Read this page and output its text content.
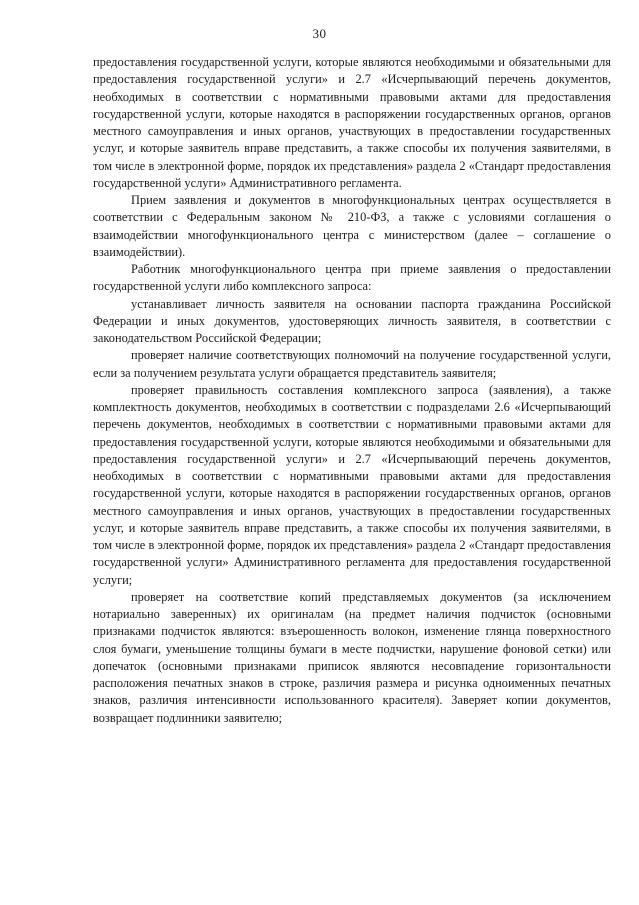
30

предоставления государственной услуги, которые являются необходимыми и обязательными для предоставления государственной услуги» и 2.7 «Исчерпывающий перечень документов, необходимых в соответствии с нормативными правовыми актами для предоставления государственной услуги, которые находятся в распоряжении государственных органов, органов местного самоуправления и иных органов, участвующих в предоставлении государственных услуг, и которые заявитель вправе представить, а также способы их получения заявителями, в том числе в электронной форме, порядок их представления» раздела 2 «Стандарт предоставления государственной услуги» Административного регламента.

Прием заявления и документов в многофункциональных центрах осуществляется в соответствии с Федеральным законом № 210-ФЗ, а также с условиями соглашения о взаимодействии многофункционального центра с министерством (далее – соглашение о взаимодействии).

Работник многофункционального центра при приеме заявления о предоставлении государственной услуги либо комплексного запроса:

устанавливает личность заявителя на основании паспорта гражданина Российской Федерации и иных документов, удостоверяющих личность заявителя, в соответствии с законодательством Российской Федерации;

проверяет наличие соответствующих полномочий на получение государственной услуги, если за получением результата услуги обращается представитель заявителя;

проверяет правильность составления комплексного запроса (заявления), а также комплектность документов, необходимых в соответствии с подразделами 2.6 «Исчерпывающий перечень документов, необходимых в соответствии с нормативными правовыми актами для предоставления государственной услуги, которые являются необходимыми и обязательными для предоставления государственной услуги» и 2.7 «Исчерпывающий перечень документов, необходимых в соответствии с нормативными правовыми актами для предоставления государственной услуги, которые находятся в распоряжении государственных органов, органов местного самоуправления и иных органов, участвующих в предоставлении государственных услуг, и которые заявитель вправе представить, а также способы их получения заявителями, в том числе в электронной форме, порядок их представления» раздела 2 «Стандарт предоставления государственной услуги» Административного регламента для предоставления государственной услуги;

проверяет на соответствие копий представляемых документов (за исключением нотариально заверенных) их оригиналам (на предмет наличия подчисток (основными признаками подчисток являются: взъерошенность волокон, изменение глянца поверхностного слоя бумаги, уменьшение толщины бумаги в месте подчистки, нарушение фоновой сетки) или допечаток (основными признаками приписок являются несовпадение горизонтальности расположения печатных знаков в строке, различия размера и рисунка одноименных печатных знаков, различия интенсивности использованного красителя). Заверяет копии документов, возвращает подлинники заявителю;
